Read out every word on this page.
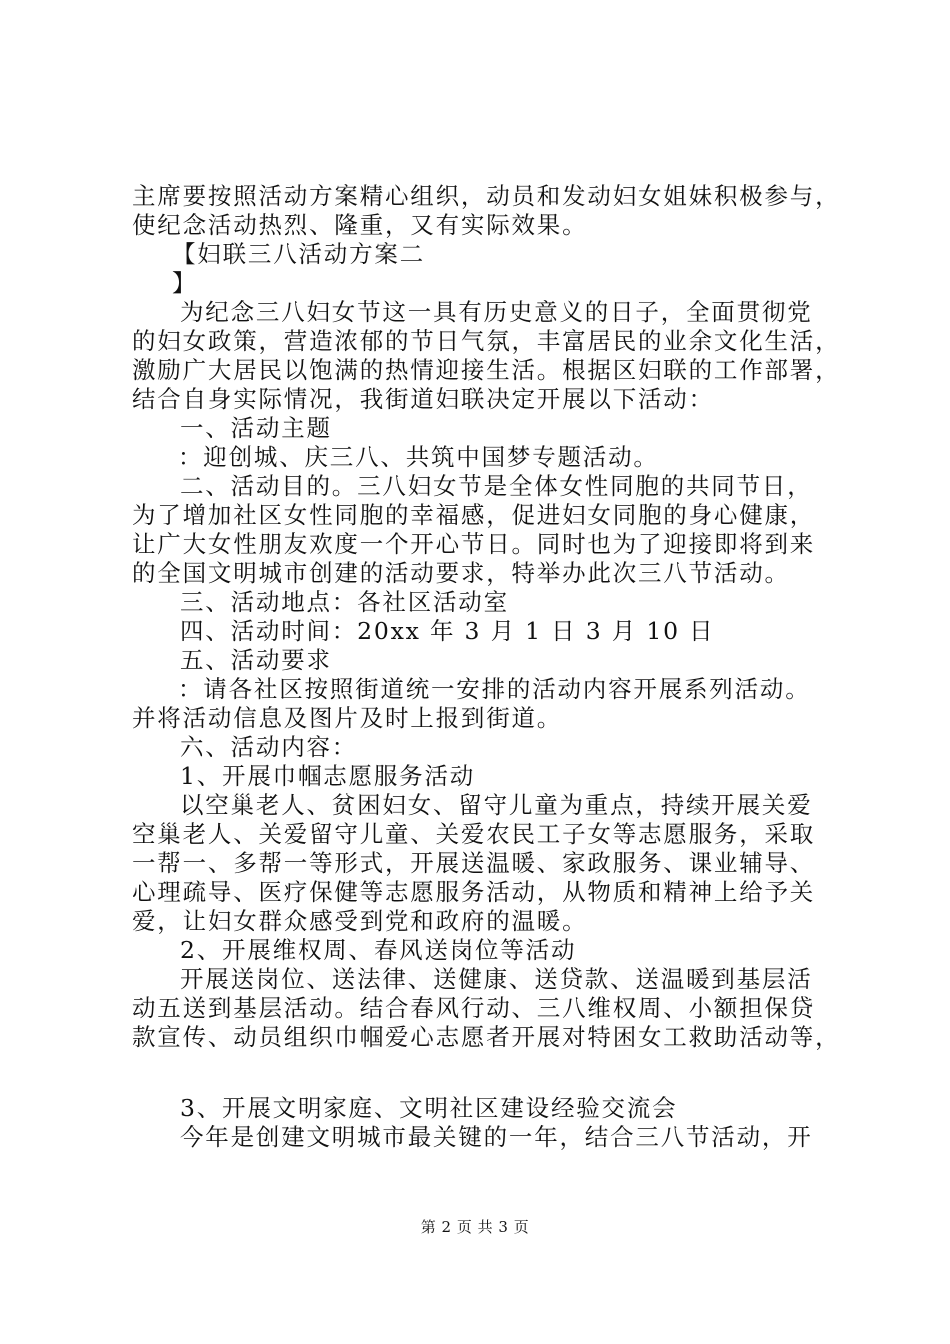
主席要按照活动方案精心组织，动员和发动妇女姐妹积极参与，
使纪念活动热烈、隆重，又有实际效果。
【妇联三八活动方案二
】
为纪念三八妇女节这一具有历史意义的日子，全面贯彻党
的妇女政策，营造浓郁的节日气氛，丰富居民的业余文化生活，
激励广大居民以饱满的热情迎接生活。根据区妇联的工作部署，
结合自身实际情况，我街道妇联决定开展以下活动：
一、活动主题
：迎创城、庆三八、共筑中国梦专题活动。
二、活动目的。三八妇女节是全体女性同胞的共同节日，
为了增加社区女性同胞的幸福感，促进妇女同胞的身心健康，
让广大女性朋友欢度一个开心节日。同时也为了迎接即将到来
的全国文明城市创建的活动要求，特举办此次三八节活动。
三、活动地点：各社区活动室
四、活动时间：20xx 年 3 月 1 日 3 月 10 日
五、活动要求
：请各社区按照街道统一安排的活动内容开展系列活动。
并将活动信息及图片及时上报到街道。
六、活动内容：
1、开展巾帼志愿服务活动
以空巢老人、贫困妇女、留守儿童为重点，持续开展关爱
空巢老人、关爱留守儿童、关爱农民工子女等志愿服务，采取
一帮一、多帮一等形式，开展送温暖、家政服务、课业辅导、
心理疏导、医疗保健等志愿服务活动，从物质和精神上给予关
爱，让妇女群众感受到党和政府的温暖。
2、开展维权周、春风送岗位等活动
开展送岗位、送法律、送健康、送贷款、送温暖到基层活
动五送到基层活动。结合春风行动、三八维权周、小额担保贷
款宣传、动员组织巾帼爱心志愿者开展对特困女工救助活动等，
3、开展文明家庭、文明社区建设经验交流会
今年是创建文明城市最关键的一年，结合三八节活动，开
第 2 页 共 3 页
